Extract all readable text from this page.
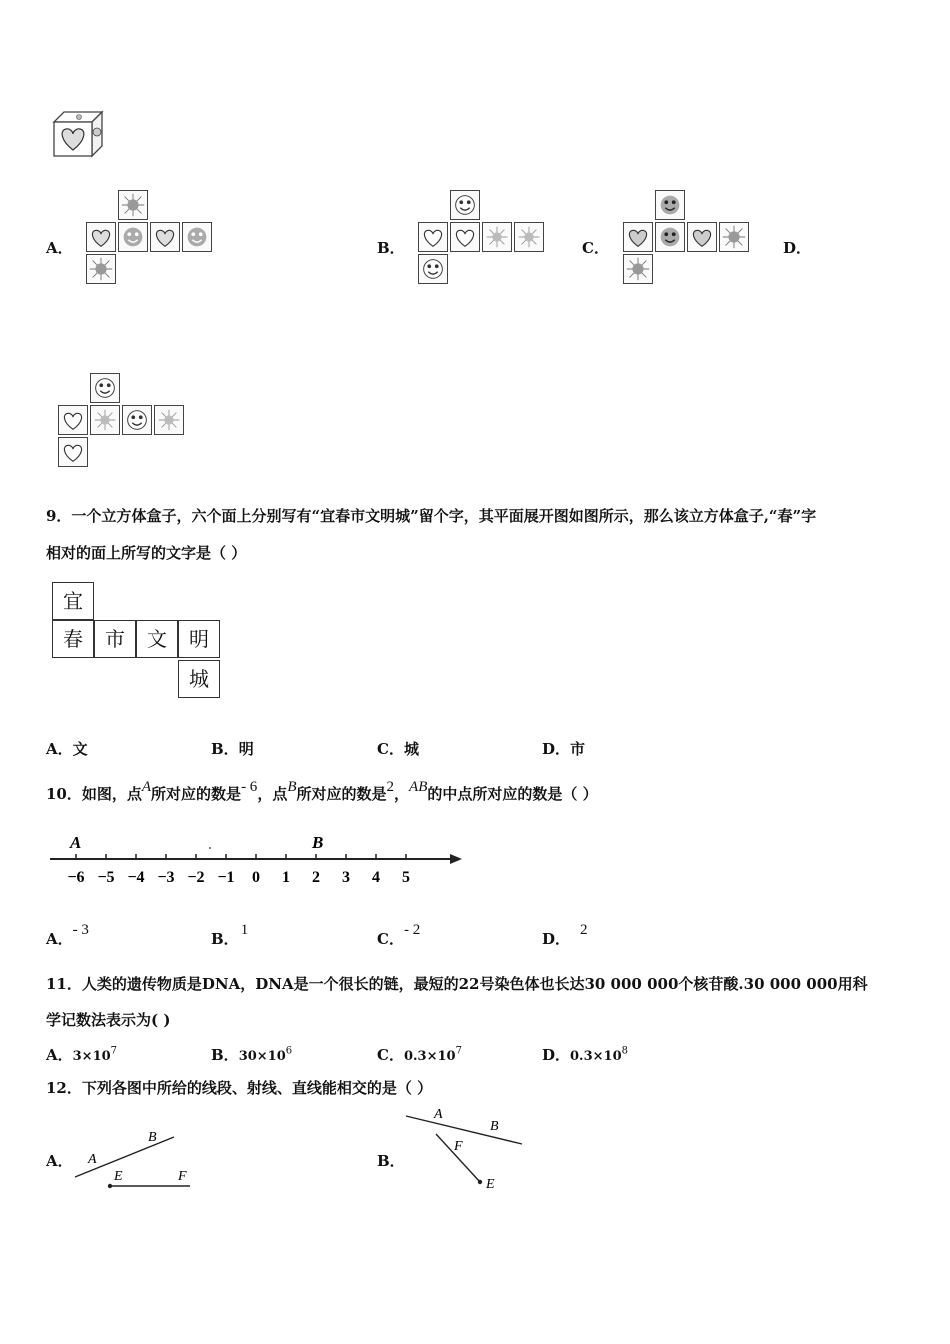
A．	B．	C．	D．
9．一个立方体盒子，六个面上分别写有“宜春市文明城”留个字，其平面展开图如图所示，那么该立方体盒子,“春”字
相对的面上所写的文字是（ ）
宜
春	市	文	明
城
A．文	B．明	C．城	D．市
10．如图，点A所对应的数是- 6，点B所对应的数是2，AB的中点所对应的数是（ ）
−6 −5 −4 −3 −2 −1 0 1 2 3 4 5
A	B
A．- 3	B． 1	C．- 2	D． 2
11．人类的遗传物质是DNA，DNA是一个很长的链，最短的22号染色体也长达30 000 000个核苷酸.30 000 000用科
学记数法表示为( )
A．$3\times 10^7$	B．$30\times 10^6$	C．$0.3\times 10^7$	D．$0.3\times 10^8$
12．下列各图中所给的线段、射线、直线能相交的是（ ）
A． A
B
E	F
B．
A
B
F
E
